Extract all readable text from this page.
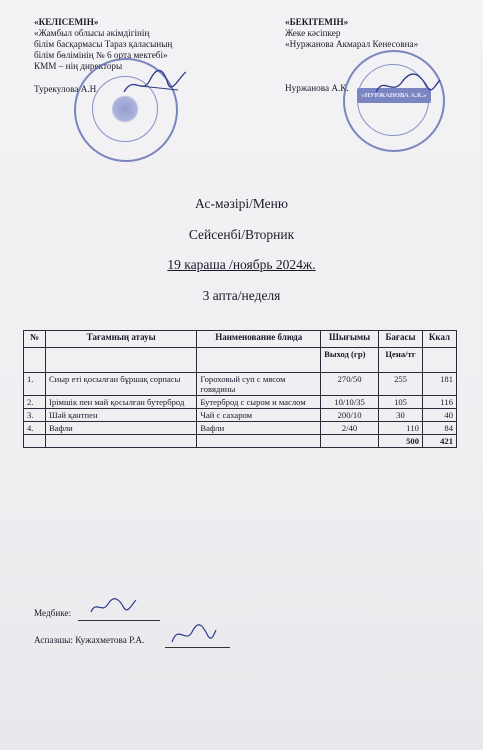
«КЕЛІСЕМІН»
«Жамбыл облысы әкімдігінің
білім басқармасы Тараз қаласының
білім бөлімінің № 6 орта мектебі»
КММ – нің директоры
Турекулова А.Н.
«БЕКІТЕМІН»
Жеке кәсіпкер
«Нуржанова Акмарал Кенесовна»
Нуржанова А.К.
«НУРЖАНОВА А.К.»
Ас-мәзірі/Меню
Сейсенбі/Вторник
19 караша /ноябрь 2024ж.
3 апта/неделя
№	Тағамның атауы	Наименование блюда	Шығымы	Бағасы	Ккал
			Выход (гр)	Цена/тг	
1.	Сиыр еті қосылған бұршақ сорпасы	Гороховый суп с мясом говядины	270/50	255	181
2.	Ірімшік пен май қосылған бутерброд	Бутерброд с сыром и маслом	10/10/35	105	116
3.	Шәй қантпен	Чай с сахаром	200/10	30	40
4.	Вафли	Вафли	2/40	110	84
				500	421
Медбике:
Аспазшы: Кужахметова Р.А.
